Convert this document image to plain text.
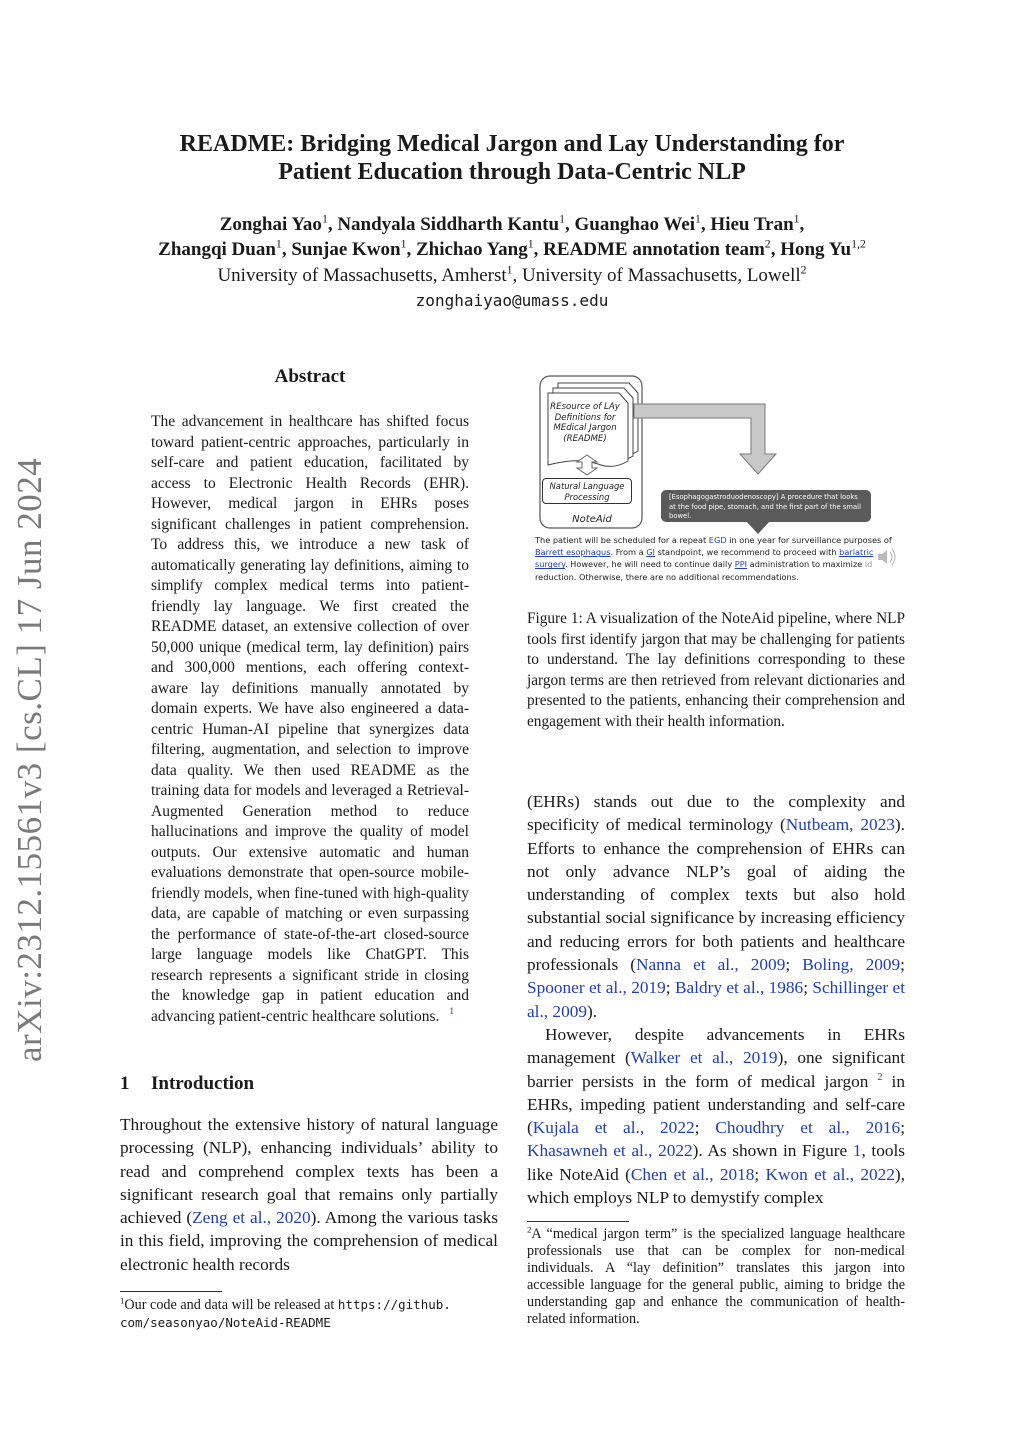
arXiv:2312.15561v3 [cs.CL] 17 Jun 2024
README: Bridging Medical Jargon and Lay Understanding for
Patient Education through Data-Centric NLP
Zonghai Yao$^1$, Nandyala Siddharth Kantu$^1$, Guanghao Wei$^1$, Hieu Tran$^1$,
Zhangqi Duan$^1$, Sunjae Kwon$^1$, Zhichao Yang$^1$, README annotation team$^2$, Hong Yu$^{1,2}$
University of Massachusetts, Amherst$^1$, University of Massachusetts, Lowell$^2$
zonghaiyao@umass.edu
Abstract
The advancement in healthcare has shifted focus toward patient-centric approaches, particularly in self-care and patient education, facilitated by access to Electronic Health Records (EHR). However, medical jargon in EHRs poses significant challenges in patient comprehension. To address this, we introduce a new task of automatically generating lay definitions, aiming to simplify complex medical terms into patient-friendly lay language. We first created the README dataset, an extensive collection of over 50,000 unique (medical term, lay definition) pairs and 300,000 mentions, each offering context-aware lay definitions manually annotated by domain experts. We have also engineered a data-centric Human-AI pipeline that synergizes data filtering, augmentation, and selection to improve data quality. We then used README as the training data for models and leveraged a Retrieval-Augmented Generation method to reduce hallucinations and improve the quality of model outputs. Our extensive automatic and human evaluations demonstrate that open-source mobile-friendly models, when fine-tuned with high-quality data, are capable of matching or even surpassing the performance of state-of-the-art closed-source large language models like ChatGPT. This research represents a significant stride in closing the knowledge gap in patient education and advancing patient-centric healthcare solutions. $^1$
1 Introduction
Throughout the extensive history of natural language processing (NLP), enhancing individuals’ ability to read and comprehend complex texts has been a significant research goal that remains only partially achieved (Zeng et al., 2020). Among the various tasks in this field, improving the comprehension of medical electronic health records
$^1$Our code and data will be released at https://github.
com/seasonyao/NoteAid-README
REsource of LAy Definitions for MEdical Jargon (README)
Natural Language Processing
NoteAid
[Esophagogastroduodenoscopy] A procedure that looks at the food pipe, stomach, and the first part of the small bowel.
The patient will be scheduled for a repeat EGD in one year for surveillance purposes of Barrett esophagus. From a GI standpoint, we recommend to proceed with bariatric surgery. However, he will need to continue daily PPI administration to maximize id reduction. Otherwise, there are no additional recommendations.
Figure 1: A visualization of the NoteAid pipeline, where NLP tools first identify jargon that may be challenging for patients to understand. The lay definitions corresponding to these jargon terms are then retrieved from relevant dictionaries and presented to the patients, enhancing their comprehension and engagement with their health information.

(EHRs) stands out due to the complexity and specificity of medical terminology (Nutbeam, 2023). Efforts to enhance the comprehension of EHRs can not only advance NLP’s goal of aiding the understanding of complex texts but also hold substantial social significance by increasing efficiency and reducing errors for both patients and healthcare professionals (Nanna et al., 2009; Boling, 2009; Spooner et al., 2019; Baldry et al., 1986; Schillinger et al., 2009).

However, despite advancements in EHRs management (Walker et al., 2019), one significant barrier persists in the form of medical jargon $^2$ in EHRs, impeding patient understanding and self-care (Kujala et al., 2022; Choudhry et al., 2016; Khasawneh et al., 2022). As shown in Figure 1, tools like NoteAid (Chen et al., 2018; Kwon et al., 2022), which employs NLP to demystify complex

$^2$A “medical jargon term” is the specialized language healthcare professionals use that can be complex for non-medical individuals. A “lay definition” translates this jargon into accessible language for the general public, aiming to bridge the understanding gap and enhance the communication of health-related information.
